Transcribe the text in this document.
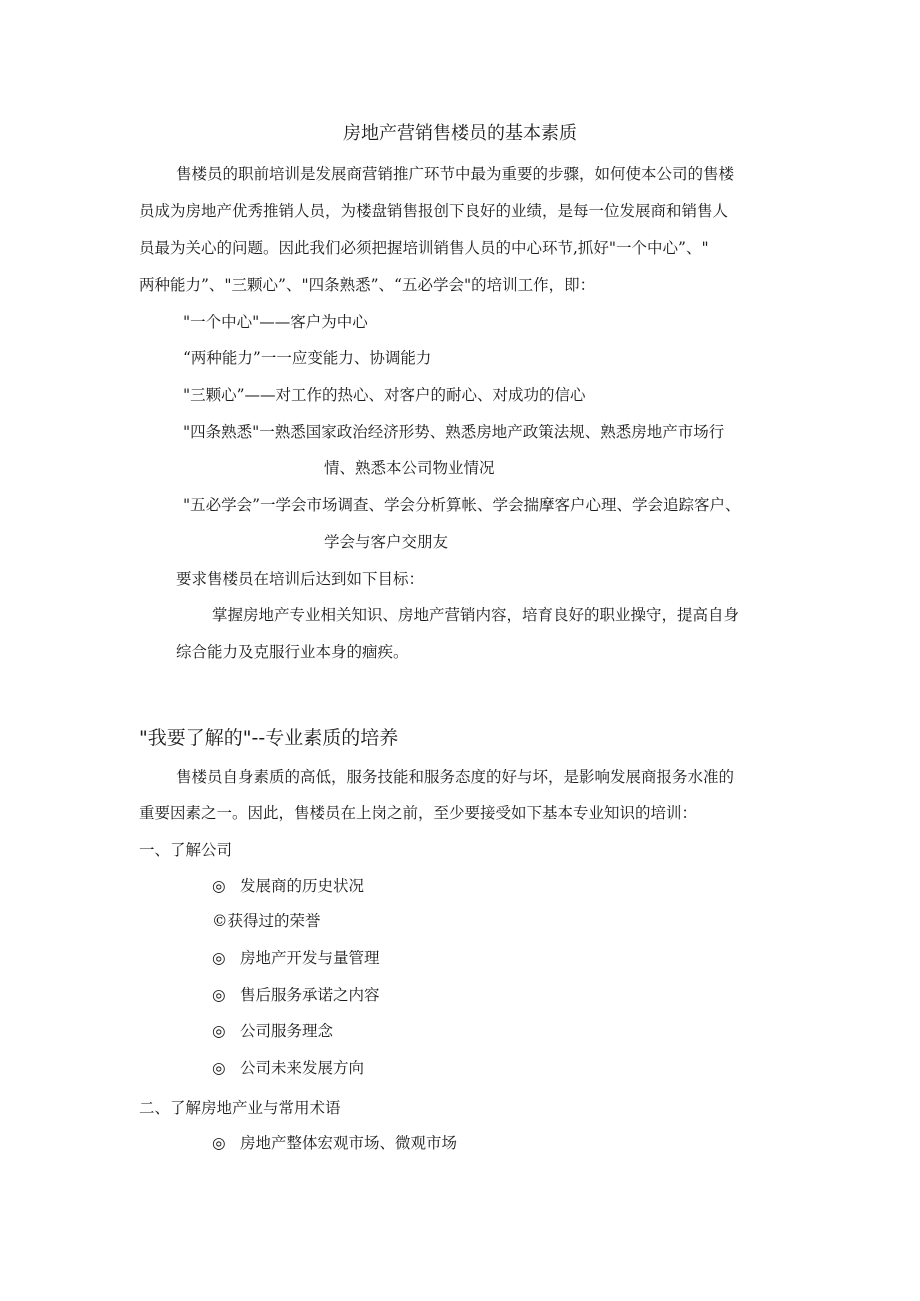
房地产营销售楼员的基本素质

售楼员的职前培训是发展商营销推广环节中最为重要的步骤，如何使本公司的售楼

员成为房地产优秀推销人员，为楼盘销售报创下良好的业绩，是每一位发展商和销售人

员最为关心的问题。因此我们必须把握培训销售人员的中心环节,抓好"一个中心”、"

两种能力”、"三颗心”、"四条熟悉”、“五必学会"的培训工作，即：

"一个中心"——客户为中心

“两种能力”一一应变能力、协调能力

"三颗心”——对工作的热心、对客户的耐心、对成功的信心

"四条熟悉"一熟悉国家政治经济形势、熟悉房地产政策法规、熟悉房地产市场行

情、熟悉本公司物业情况

"五必学会”一学会市场调查、学会分析算帐、学会揣摩客户心理、学会追踪客户、

学会与客户交朋友

要求售楼员在培训后达到如下目标：

掌握房地产专业相关知识、房地产营销内容，培育良好的职业操守，提高自身

综合能力及克服行业本身的痼疾。

"我要了解的"--专业素质的培养

售楼员自身素质的高低，服务技能和服务态度的好与坏，是影响发展商报务水准的

重要因素之一。因此，售楼员在上岗之前，至少要接受如下基本专业知识的培训：

一、了解公司

◎ 发展商的历史状况

©获得过的荣誉

◎ 房地产开发与量管理

◎ 售后服务承诺之内容

◎ 公司服务理念

◎ 公司未来发展方向

二、了解房地产业与常用术语

◎ 房地产整体宏观市场、微观市场
